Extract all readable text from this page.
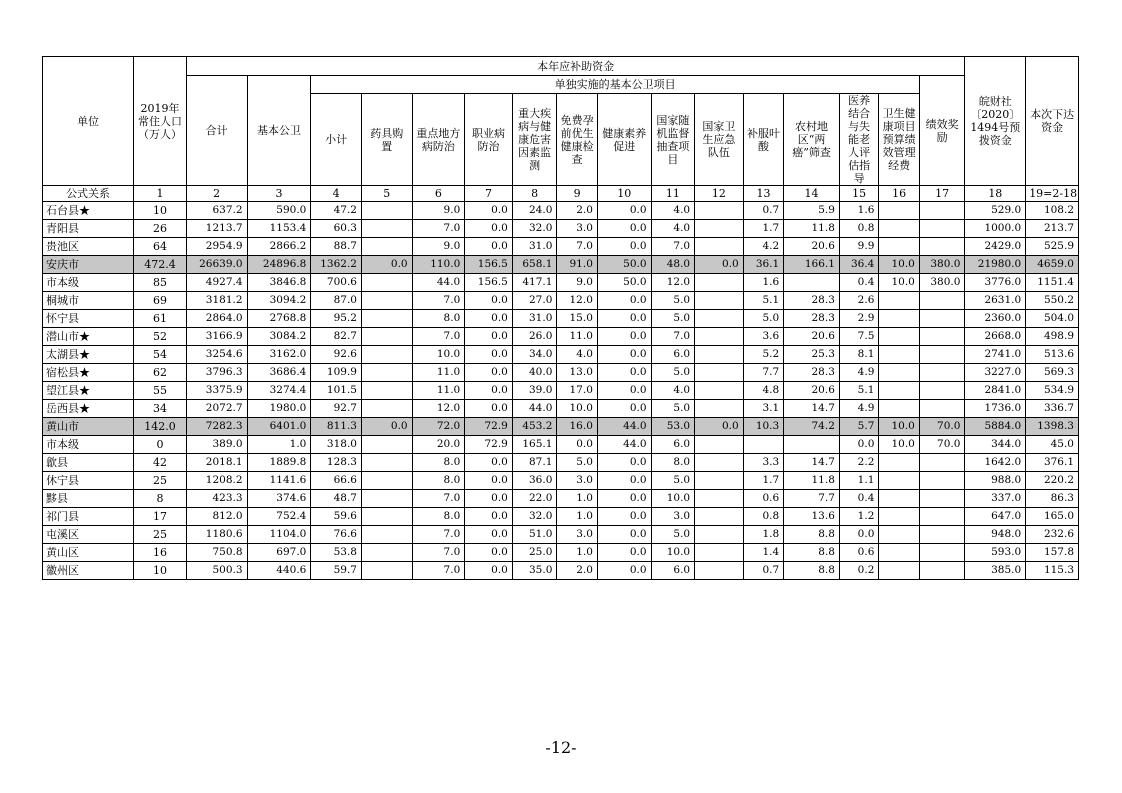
单位	2019年常住人口（万人）	本年应补助资金																皖财社〔2020〕1494号预拨资金	本次下达资金
		合计	基本公卫	单独实施的基本公卫项目													绩效奖励		
				小计	药具购置	重点地方病防治	职业病防治	重大疾病与健康危害因素监测	免费孕前优生健康检查	健康素养促进	国家随机监督抽查项目	国家卫生应急队伍	补服叶酸	农村地区“两癌”筛查	医养结合与失能老人评估指导	卫生健康项目预算绩效管理经费			
公式关系	1	2	3	4	5	6	7	8	9	10	11	12	13	14	15	16	17	18	19=2-18
石台县★	10	637.2	590.0	47.2		9.0	0.0	24.0	2.0	0.0	4.0		0.7	5.9	1.6			529.0	108.2
青阳县	26	1213.7	1153.4	60.3		7.0	0.0	32.0	3.0	0.0	4.0		1.7	11.8	0.8			1000.0	213.7
贵池区	64	2954.9	2866.2	88.7		9.0	0.0	31.0	7.0	0.0	7.0		4.2	20.6	9.9			2429.0	525.9
安庆市	472.4	26639.0	24896.8	1362.2	0.0	110.0	156.5	658.1	91.0	50.0	48.0	0.0	36.1	166.1	36.4	10.0	380.0	21980.0	4659.0
市本级	85	4927.4	3846.8	700.6		44.0	156.5	417.1	9.0	50.0	12.0		1.6		0.4	10.0	380.0	3776.0	1151.4
桐城市	69	3181.2	3094.2	87.0		7.0	0.0	27.0	12.0	0.0	5.0		5.1	28.3	2.6			2631.0	550.2
怀宁县	61	2864.0	2768.8	95.2		8.0	0.0	31.0	15.0	0.0	5.0		5.0	28.3	2.9			2360.0	504.0
潜山市★	52	3166.9	3084.2	82.7		7.0	0.0	26.0	11.0	0.0	7.0		3.6	20.6	7.5			2668.0	498.9
太湖县★	54	3254.6	3162.0	92.6		10.0	0.0	34.0	4.0	0.0	6.0		5.2	25.3	8.1			2741.0	513.6
宿松县★	62	3796.3	3686.4	109.9		11.0	0.0	40.0	13.0	0.0	5.0		7.7	28.3	4.9			3227.0	569.3
望江县★	55	3375.9	3274.4	101.5		11.0	0.0	39.0	17.0	0.0	4.0		4.8	20.6	5.1			2841.0	534.9
岳西县★	34	2072.7	1980.0	92.7		12.0	0.0	44.0	10.0	0.0	5.0		3.1	14.7	4.9			1736.0	336.7
黄山市	142.0	7282.3	6401.0	811.3	0.0	72.0	72.9	453.2	16.0	44.0	53.0	0.0	10.3	74.2	5.7	10.0	70.0	5884.0	1398.3
市本级	0	389.0	1.0	318.0		20.0	72.9	165.1	0.0	44.0	6.0				0.0	10.0	70.0	344.0	45.0
歙县	42	2018.1	1889.8	128.3		8.0	0.0	87.1	5.0	0.0	8.0		3.3	14.7	2.2			1642.0	376.1
休宁县	25	1208.2	1141.6	66.6		8.0	0.0	36.0	3.0	0.0	5.0		1.7	11.8	1.1			988.0	220.2
黟县	8	423.3	374.6	48.7		7.0	0.0	22.0	1.0	0.0	10.0		0.6	7.7	0.4			337.0	86.3
祁门县	17	812.0	752.4	59.6		8.0	0.0	32.0	1.0	0.0	3.0		0.8	13.6	1.2			647.0	165.0
屯溪区	25	1180.6	1104.0	76.6		7.0	0.0	51.0	3.0	0.0	5.0		1.8	8.8	0.0			948.0	232.6
黄山区	16	750.8	697.0	53.8		7.0	0.0	25.0	1.0	0.0	10.0		1.4	8.8	0.6			593.0	157.8
徽州区	10	500.3	440.6	59.7		7.0	0.0	35.0	2.0	0.0	6.0		0.7	8.8	0.2			385.0	115.3
-12-
